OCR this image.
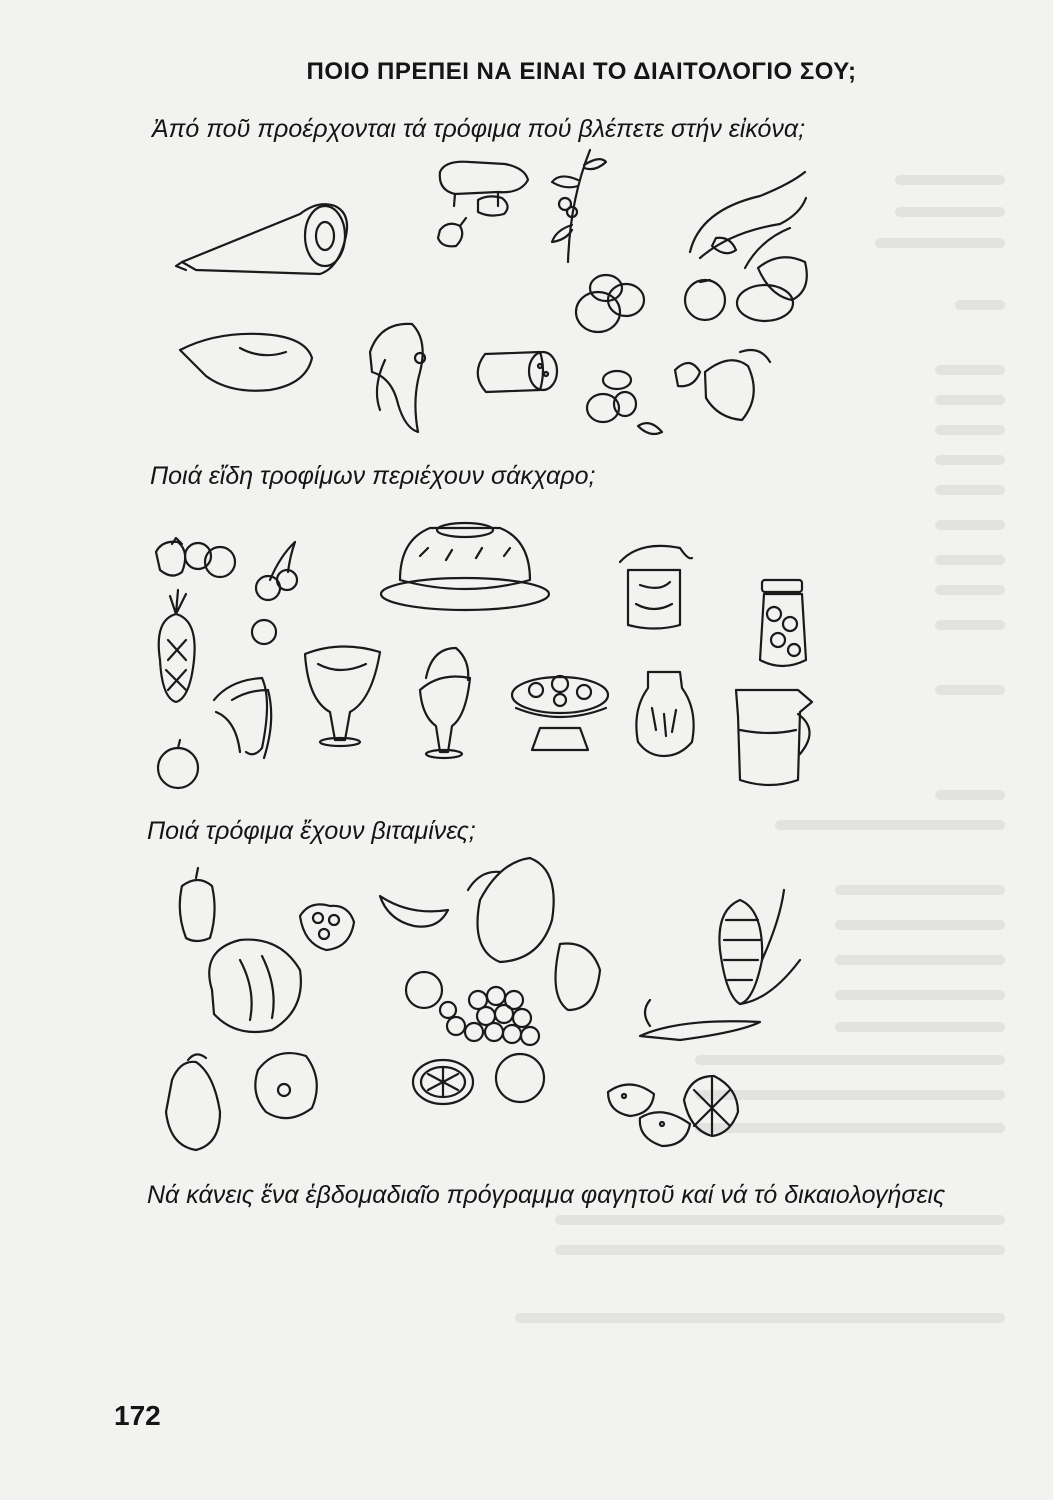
ΠΟΙΟ ΠΡΕΠΕΙ ΝΑ ΕΙΝΑΙ ΤΟ ΔΙΑΙΤΟΛΟΓΙΟ ΣΟΥ;
Ἀπό ποῦ προέρχονται τά τρόφιμα πού βλέπετε στήν εἰκόνα;
Ποιά εἴδη τροφίμων περιέχουν σάκχαρο;
Ποιά τρόφιμα ἔχουν βιταμίνες;
Νά κάνεις ἕνα ἑβδομαδιαῖο πρόγραμμα φαγητοῦ καί νά τό δικαιολογήσεις
172
